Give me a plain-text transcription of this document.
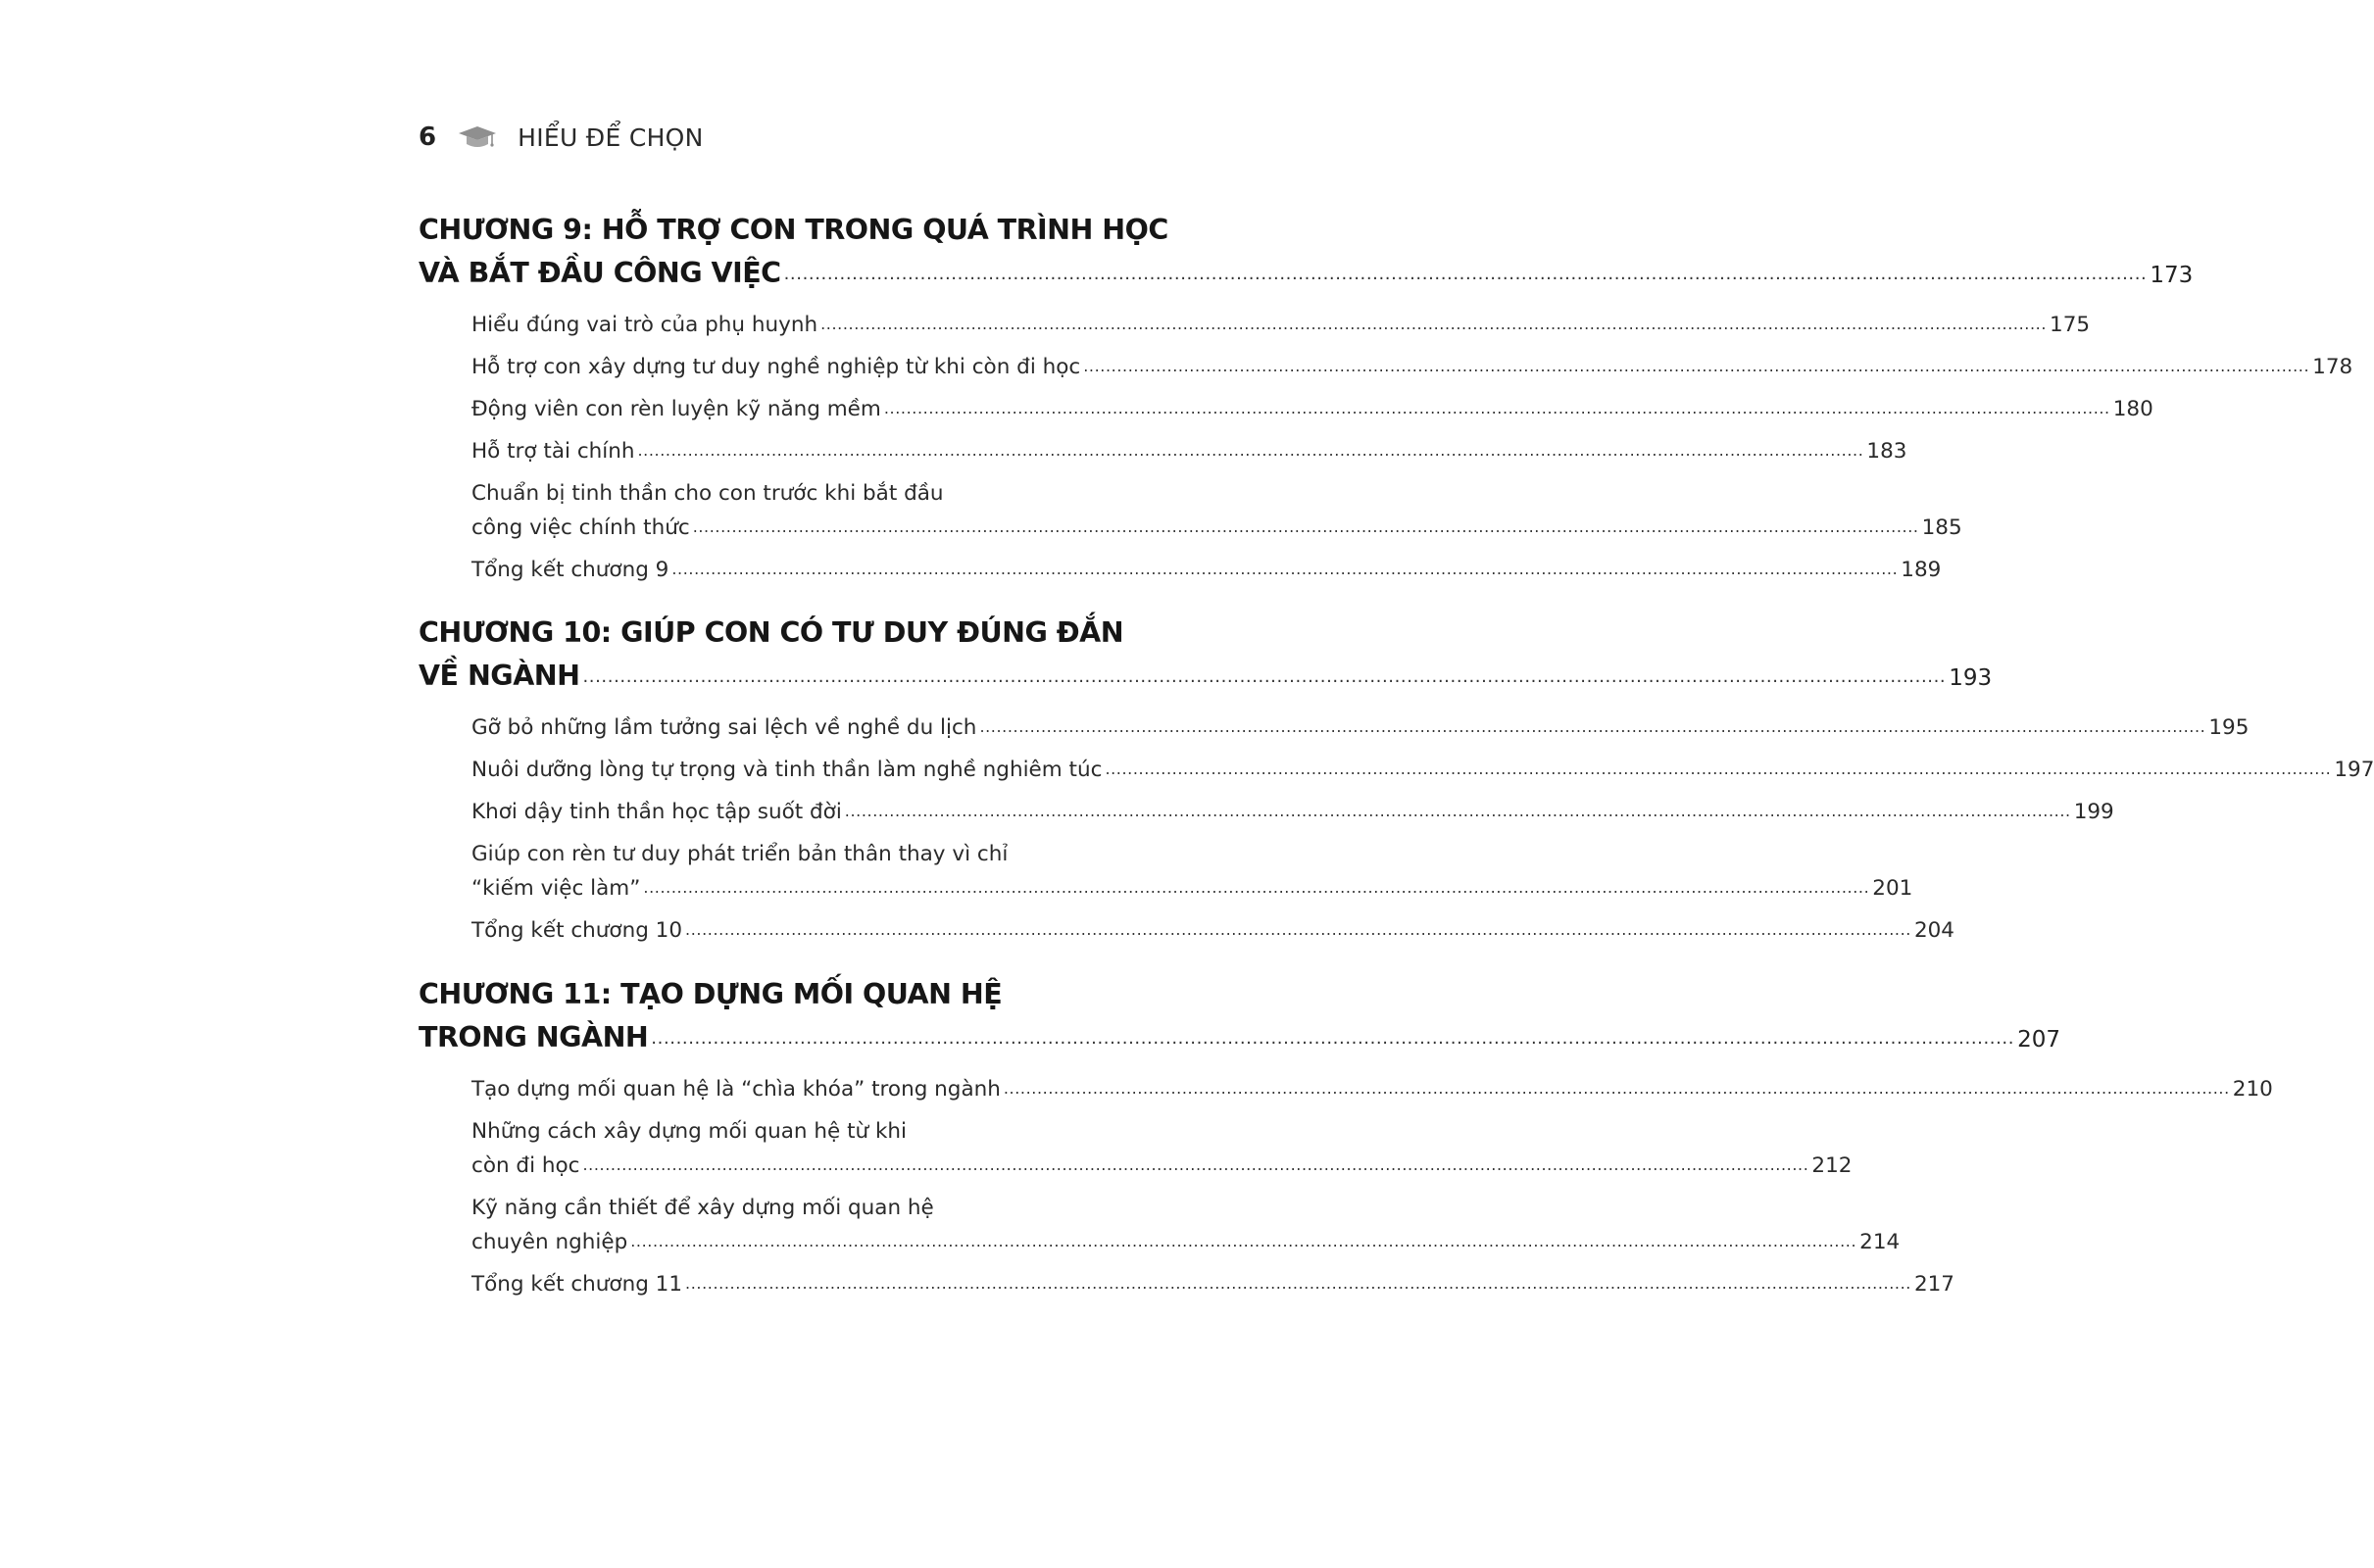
6	HIỂU ĐỂ CHỌN
CHƯƠNG 9: HỖ TRỢ CON TRONG QUÁ TRÌNH HỌC
VÀ BẮT ĐẦU CÔNG VIỆC ............................................................................................................................................................................................................................ 173
Hiểu đúng vai trò của phụ huynh ............................................................................................................................................................................................................................ 175
Hỗ trợ con xây dựng tư duy nghề nghiệp từ khi còn đi học ............................................................................................................................................................................................................................ 178
Động viên con rèn luyện kỹ năng mềm ............................................................................................................................................................................................................................ 180
Hỗ trợ tài chính ............................................................................................................................................................................................................................ 183
Chuẩn bị tinh thần cho con trước khi bắt đầu
công việc chính thức ............................................................................................................................................................................................................................ 185
Tổng kết chương 9 ............................................................................................................................................................................................................................ 189
CHƯƠNG 10: GIÚP CON CÓ TƯ DUY ĐÚNG ĐẮN
VỀ NGÀNH ............................................................................................................................................................................................................................ 193
Gỡ bỏ những lầm tưởng sai lệch về nghề du lịch ............................................................................................................................................................................................................................ 195
Nuôi dưỡng lòng tự trọng và tinh thần làm nghề nghiêm túc ............................................................................................................................................................................................................................ 197
Khơi dậy tinh thần học tập suốt đời ............................................................................................................................................................................................................................ 199
Giúp con rèn tư duy phát triển bản thân thay vì chỉ
“kiếm việc làm” ............................................................................................................................................................................................................................ 201
Tổng kết chương 10 ............................................................................................................................................................................................................................ 204
CHƯƠNG 11: TẠO DỰNG MỐI QUAN HỆ
TRONG NGÀNH ............................................................................................................................................................................................................................ 207
Tạo dựng mối quan hệ là “chìa khóa” trong ngành ............................................................................................................................................................................................................................ 210
Những cách xây dựng mối quan hệ từ khi
còn đi học ............................................................................................................................................................................................................................ 212
Kỹ năng cần thiết để xây dựng mối quan hệ
chuyên nghiệp ............................................................................................................................................................................................................................ 214
Tổng kết chương 11 ............................................................................................................................................................................................................................ 217
